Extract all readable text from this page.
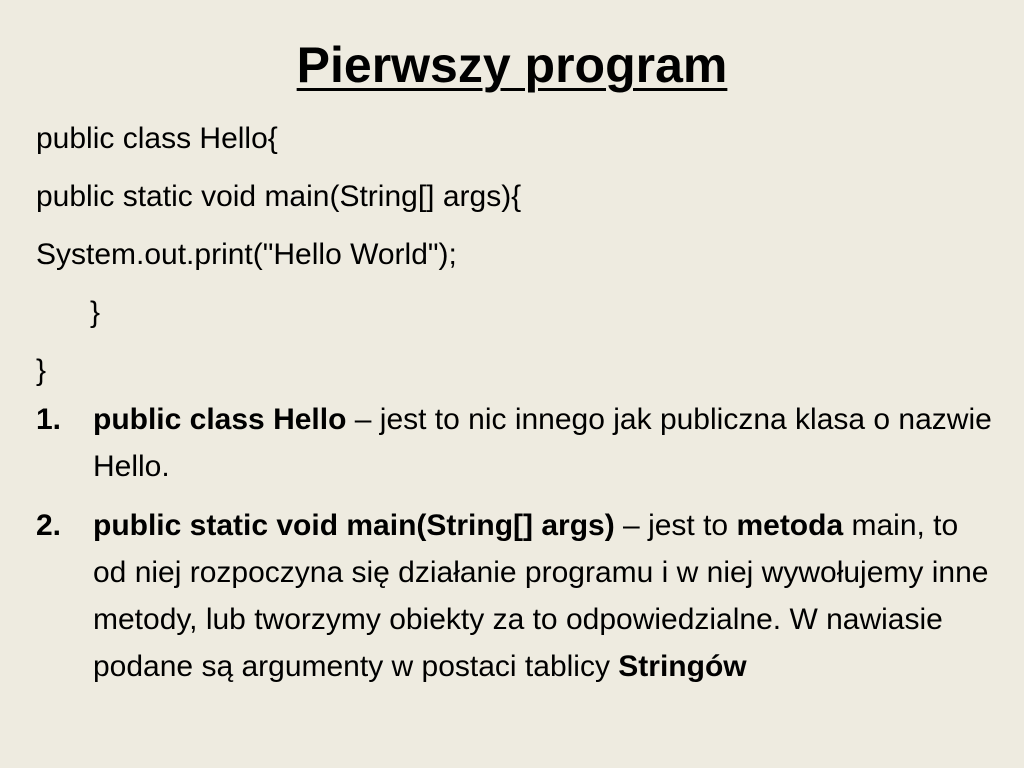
Pierwszy program
public class Hello{
public static void main(String[] args){
System.out.print("Hello World");
}
}
1. public class Hello – jest to nic innego jak publiczna klasa o nazwie Hello.
2. public static void main(String[] args) – jest to metoda main, to od niej rozpoczyna się działanie programu i w niej wywołujemy inne metody, lub tworzymy obiekty za to odpowiedzialne. W nawiasie podane są argumenty w postaci tablicy Stringów
